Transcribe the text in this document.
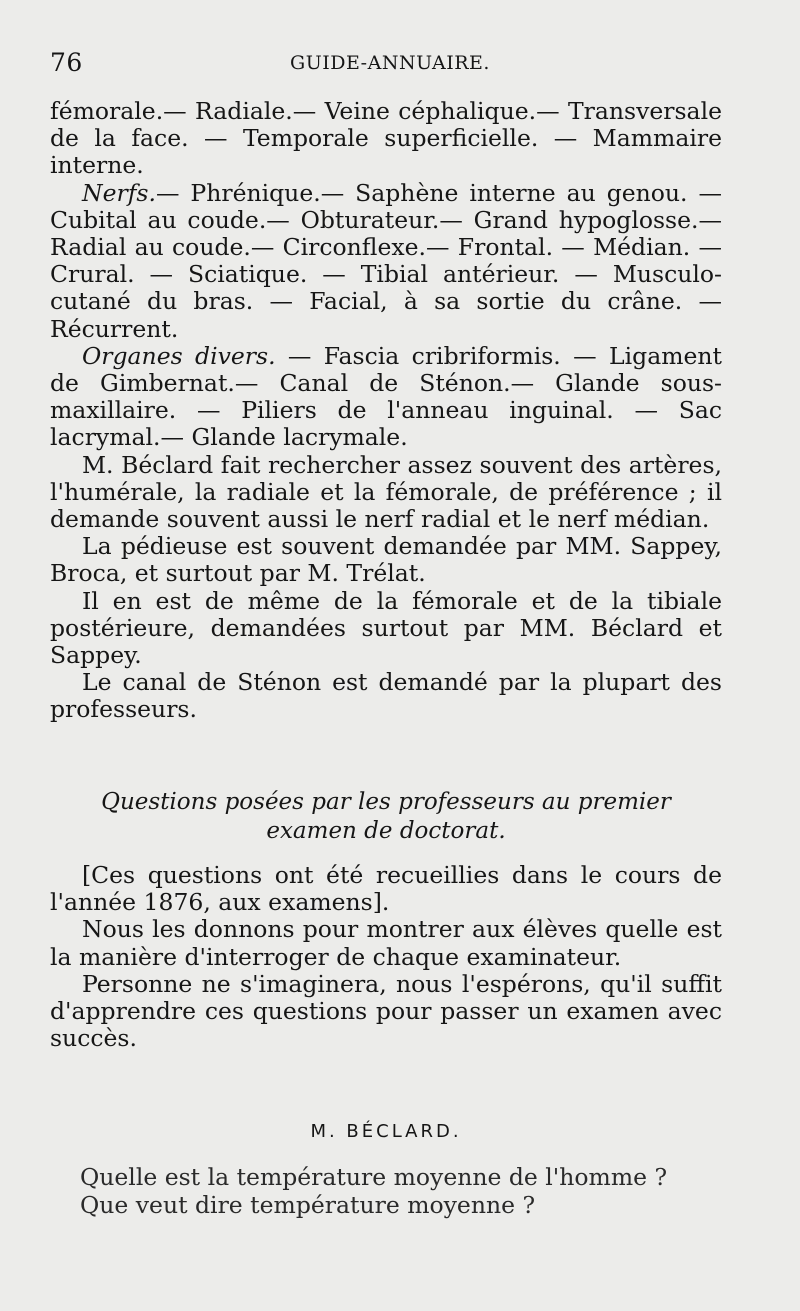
76	GUIDE-ANNUAIRE.

fémorale.— Radiale.— Veine céphalique.— Transversale de la face. — Temporale superficielle. — Mammaire interne.

Nerfs.— Phrénique.— Saphène interne au genou. — Cubital au coude.— Obturateur.— Grand hypoglosse.— Radial au coude.— Circonflexe.— Frontal. — Médian. — Crural. — Sciatique. — Tibial antérieur. — Musculo-cutané du bras. — Facial, à sa sortie du crâne. — Récurrent.

Organes divers. — Fascia cribriformis. — Ligament de Gimbernat.— Canal de Sténon.— Glande sous-maxillaire. — Piliers de l'anneau inguinal. — Sac lacrymal.— Glande lacrymale.

M. Béclard fait rechercher assez souvent des artères, l'humérale, la radiale et la fémorale, de préférence ; il demande souvent aussi le nerf radial et le nerf médian.

La pédieuse est souvent demandée par MM. Sappey, Broca, et surtout par M. Trélat.

Il en est de même de la fémorale et de la tibiale postérieure, demandées surtout par MM. Béclard et Sappey.

Le canal de Sténon est demandé par la plupart des professeurs.

Questions posées par les professeurs au premier
examen de doctorat.

[Ces questions ont été recueillies dans le cours de l'année 1876, aux examens].

Nous les donnons pour montrer aux élèves quelle est la manière d'interroger de chaque examinateur.

Personne ne s'imaginera, nous l'espérons, qu'il suffit d'apprendre ces questions pour passer un examen avec succès.

M. BÉCLARD.
Quelle est la température moyenne de l'homme ?
Que veut dire température moyenne ?
